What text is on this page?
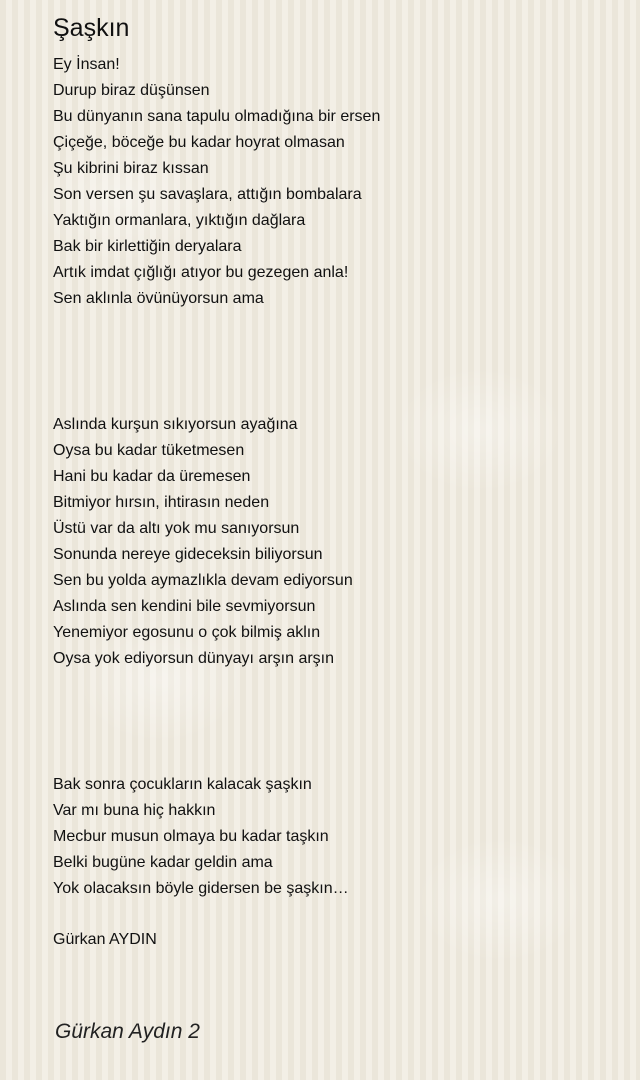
Şaşkın
Ey İnsan!
Durup biraz düşünsen
Bu dünyanın sana tapulu olmadığına bir ersen
Çiçeğe, böceğe bu kadar hoyrat olmasan
Şu kibrini biraz kıssan
Son versen şu savaşlara, attığın bombalara
Yaktığın ormanlara, yıktığın dağlara
Bak bir kirlettiğin deryalara
Artık imdat çığlığı atıyor bu gezegen anla!
Sen aklınla övünüyorsun ama
Aslında kurşun sıkıyorsun ayağına
Oysa bu kadar tüketmesen
Hani bu kadar da üremesen
Bitmiyor hırsın, ihtirasın neden
Üstü var da altı yok mu sanıyorsun
Sonunda nereye gideceksin biliyorsun
Sen bu yolda aymazlıkla devam ediyorsun
Aslında sen kendini bile sevmiyorsun
Yenemiyor egosunu o çok bilmiş aklın
Oysa yok ediyorsun dünyayı arşın arşın
Bak sonra çocukların kalacak şaşkın
Var mı buna hiç hakkın
Mecbur musun olmaya bu kadar taşkın
Belki bugüne kadar geldin ama
Yok olacaksın böyle gidersen be şaşkın…
Gürkan AYDIN
Gürkan Aydın 2
